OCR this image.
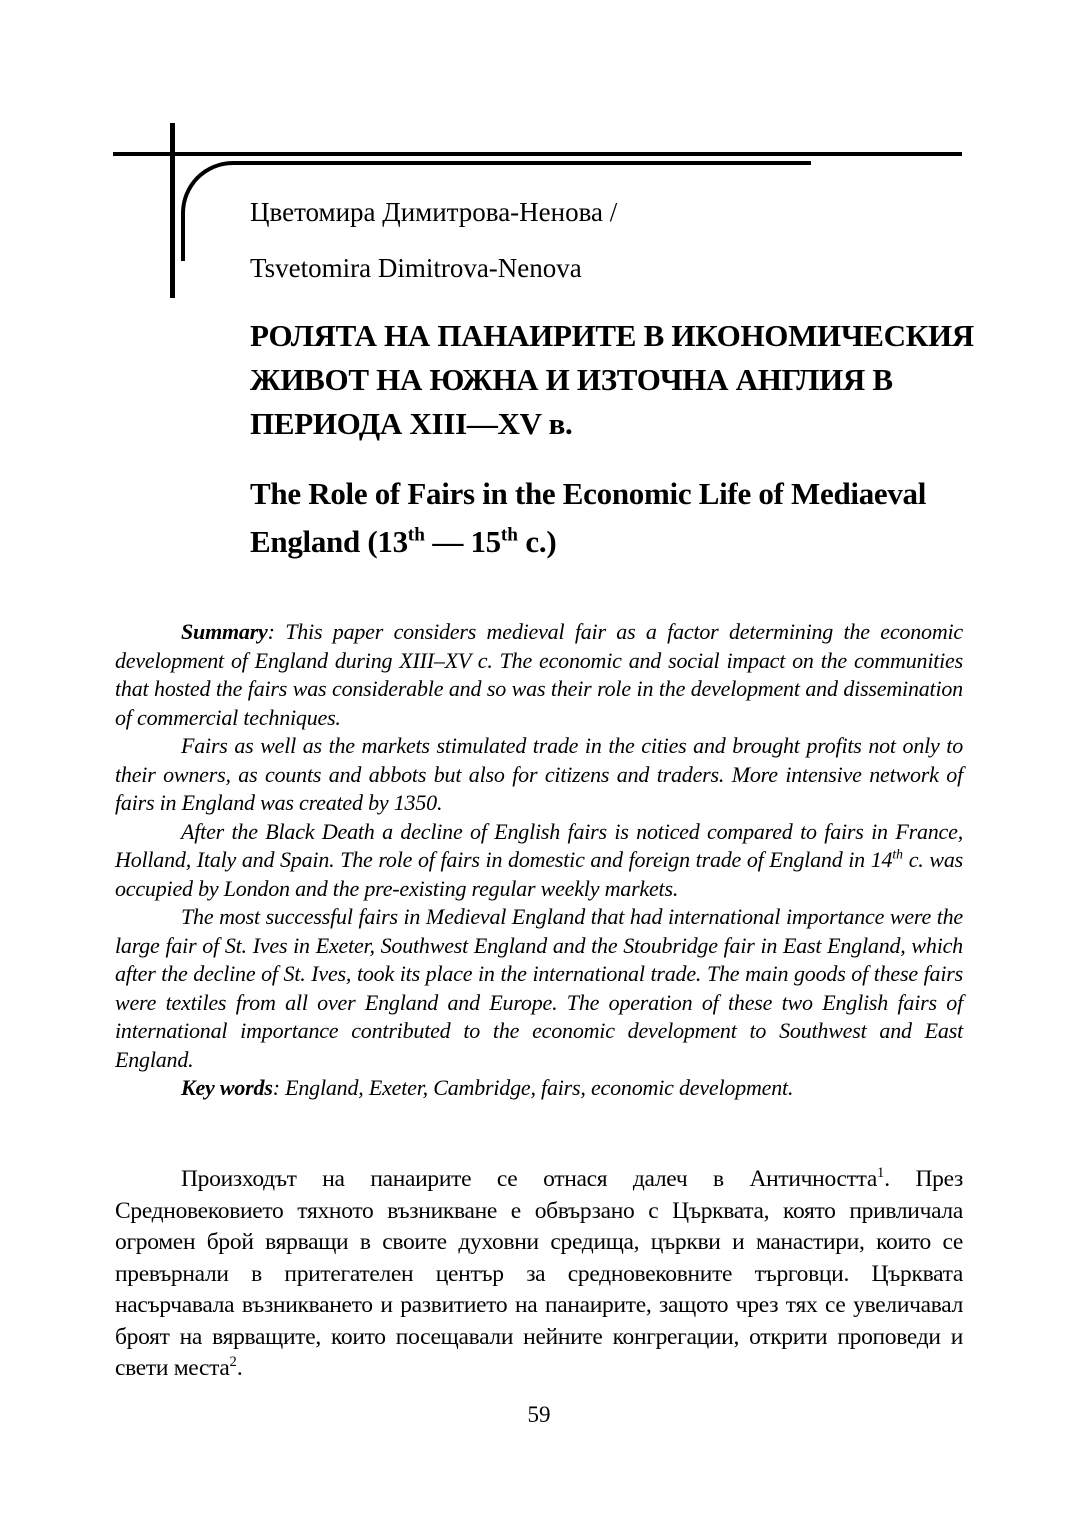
Цветомира Димитрова-Ненова /

Tsvetomira Dimitrova-Nenova

РОЛЯТА НА ПАНАИРИТЕ В ИКОНОМИЧЕСКИЯ
ЖИВОТ НА ЮЖНА И ИЗТОЧНА АНГЛИЯ В
ПЕРИОДА XIII—XV в.
The Role of Fairs in the Economic Life of Mediaeval
England (13th — 15th c.)

Summary: This paper considers medieval fair as a factor determining the economic development of England during XIII–XV c. The economic and social impact on the communities that hosted the fairs was considerable and so was their role in the development and dissemination of commercial techniques.

Fairs as well as the markets stimulated trade in the cities and brought profits not only to their owners, as counts and abbots but also for citizens and traders. More intensive network of fairs in England was created by 1350.

After the Black Death a decline of English fairs is noticed compared to fairs in France, Holland, Italy and Spain. The role of fairs in domestic and foreign trade of England in 14th c. was occupied by London and the pre-existing regular weekly markets.

The most successful fairs in Medieval England that had international importance were the large fair of St. Ives in Exeter, Southwest England and the Stoubridge fair in East England, which after the decline of St. Ives, took its place in the international trade. The main goods of these fairs were textiles from all over England and Europe. The operation of these two English fairs of international importance contributed to the economic development to Southwest and East England.

Key words: England, Exeter, Cambridge, fairs, economic development.

Произходът на панаирите се отнася далеч в Античността$^1$. През Средновековието тяхното възникване е обвързано с Църквата, която привличала огромен брой вярващи в своите духовни средища, църкви и манастири, които се превърнали в притегателен център за средновековните търговци. Църквата насърчавала възникването и развитието на панаирите, защото чрез тях се увеличавал броят на вярващите, които посещавали нейните конгрегации, открити проповеди и свети места$^2$.

59
